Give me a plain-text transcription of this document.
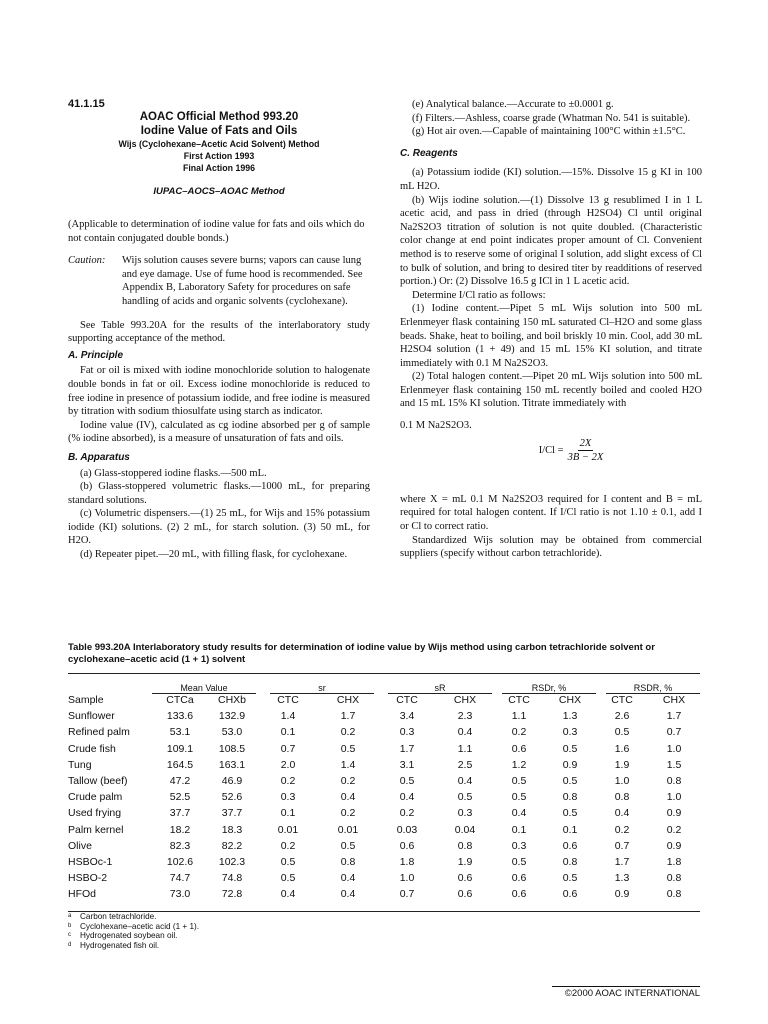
41.1.15
AOAC Official Method 993.20
Iodine Value of Fats and Oils
Wijs (Cyclohexane–Acetic Acid Solvent) Method
First Action 1993
Final Action 1996
IUPAC–AOCS–AOAC Method

(Applicable to determination of iodine value for fats and oils which do not contain conjugated double bonds.)

Caution:	Wijs solution causes severe burns; vapors can cause lung and eye damage. Use of fume hood is recommended. See Appendix B, Laboratory Safety for procedures on safe handling of acids and organic solvents (cyclohexane).

See Table 993.20A for the results of the interlaboratory study supporting acceptance of the method.

A. Principle

Fat or oil is mixed with iodine monochloride solution to halogenate double bonds in fat or oil. Excess iodine monochloride is reduced to free iodine in presence of potassium iodide, and free iodine is measured by titration with sodium thiosulfate using starch as indicator.

Iodine value (IV), calculated as cg iodine absorbed per g of sample (% iodine absorbed), is a measure of unsaturation of fats and oils.

B. Apparatus

(a) Glass-stoppered iodine flasks.—500 mL.

(b) Glass-stoppered volumetric flasks.—1000 mL, for preparing standard solutions.

(c) Volumetric dispensers.—(1) 25 mL, for Wijs and 15% potassium iodide (KI) solutions. (2) 2 mL, for starch solution. (3) 50 mL, for H2O.

(d) Repeater pipet.—20 mL, with filling flask, for cyclohexane.

(e) Analytical balance.—Accurate to ±0.0001 g.

(f) Filters.—Ashless, coarse grade (Whatman No. 541 is suitable).

(g) Hot air oven.—Capable of maintaining 100°C within ±1.5°C.

C. Reagents

(a) Potassium iodide (KI) solution.—15%. Dissolve 15 g KI in 100 mL H2O.

(b) Wijs iodine solution.—(1) Dissolve 13 g resublimed I in 1 L acetic acid, and pass in dried (through H2SO4) Cl until original Na2S2O3 titration of solution is not quite doubled. (Characteristic color change at end point indicates proper amount of Cl. Convenient method is to reserve some of original I solution, add slight excess of Cl to bulk of solution, and bring to desired titer by readditions of reserved portion.) Or: (2) Dissolve 16.5 g ICl in 1 L acetic acid.

Determine I/Cl ratio as follows:

(1) Iodine content.—Pipet 5 mL Wijs solution into 500 mL Erlenmeyer flask containing 150 mL saturated Cl–H2O and some glass beads. Shake, heat to boiling, and boil briskly 10 min. Cool, add 30 mL H2SO4 solution (1 + 49) and 15 mL 15% KI solution, and titrate immediately with 0.1 M Na2S2O3.

(2) Total halogen content.—Pipet 20 mL Wijs solution into 500 mL Erlenmeyer flask containing 150 mL recently boiled and cooled H2O and 15 mL 15% KI solution. Titrate immediately with

0.1 M Na2S2O3.

$I/Cl = \frac{2X}{3B - 2X}$

where X = mL 0.1 M Na2S2O3 required for I content and B = mL required for total halogen content. If I/Cl ratio is not 1.10 ± 0.1, add I or Cl to correct ratio.

Standardized Wijs solution may be obtained from commercial suppliers (specify without carbon tetrachloride).

Table 993.20A Interlaboratory study results for determination of iodine value by Wijs method using carbon tetrachloride solvent or cyclohexane–acetic acid (1 + 1) solvent
Mean Value	sr	sR	RSDr, %	RSDR, %
Sample	CTCa	CHXb	CTC	CHX	CTC	CHX	CTC	CHX	CTC	CHX
Sunflower	133.6	132.9	1.4	1.7	3.4	2.3	1.1	1.3	2.6	1.7
Refined palm	53.1	53.0	0.1	0.2	0.3	0.4	0.2	0.3	0.5	0.7
Crude fish	109.1	108.5	0.7	0.5	1.7	1.1	0.6	0.5	1.6	1.0
Tung	164.5	163.1	2.0	1.4	3.1	2.5	1.2	0.9	1.9	1.5
Tallow (beef)	47.2	46.9	0.2	0.2	0.5	0.4	0.5	0.5	1.0	0.8
Crude palm	52.5	52.6	0.3	0.4	0.4	0.5	0.5	0.8	0.8	1.0
Used frying	37.7	37.7	0.1	0.2	0.2	0.3	0.4	0.5	0.4	0.9
Palm kernel	18.2	18.3	0.01	0.01	0.03	0.04	0.1	0.1	0.2	0.2
Olive	82.3	82.2	0.2	0.5	0.6	0.8	0.3	0.6	0.7	0.9
HSBOc-1	102.6	102.3	0.5	0.8	1.8	1.9	0.5	0.8	1.7	1.8
HSBO-2	74.7	74.8	0.5	0.4	1.0	0.6	0.6	0.5	1.3	0.8
HFOd	73.0	72.8	0.4	0.4	0.7	0.6	0.6	0.6	0.9	0.8
a Carbon tetrachloride.
b Cyclohexane–acetic acid (1 + 1).
c Hydrogenated soybean oil.
d Hydrogenated fish oil.
©2000 AOAC INTERNATIONAL
